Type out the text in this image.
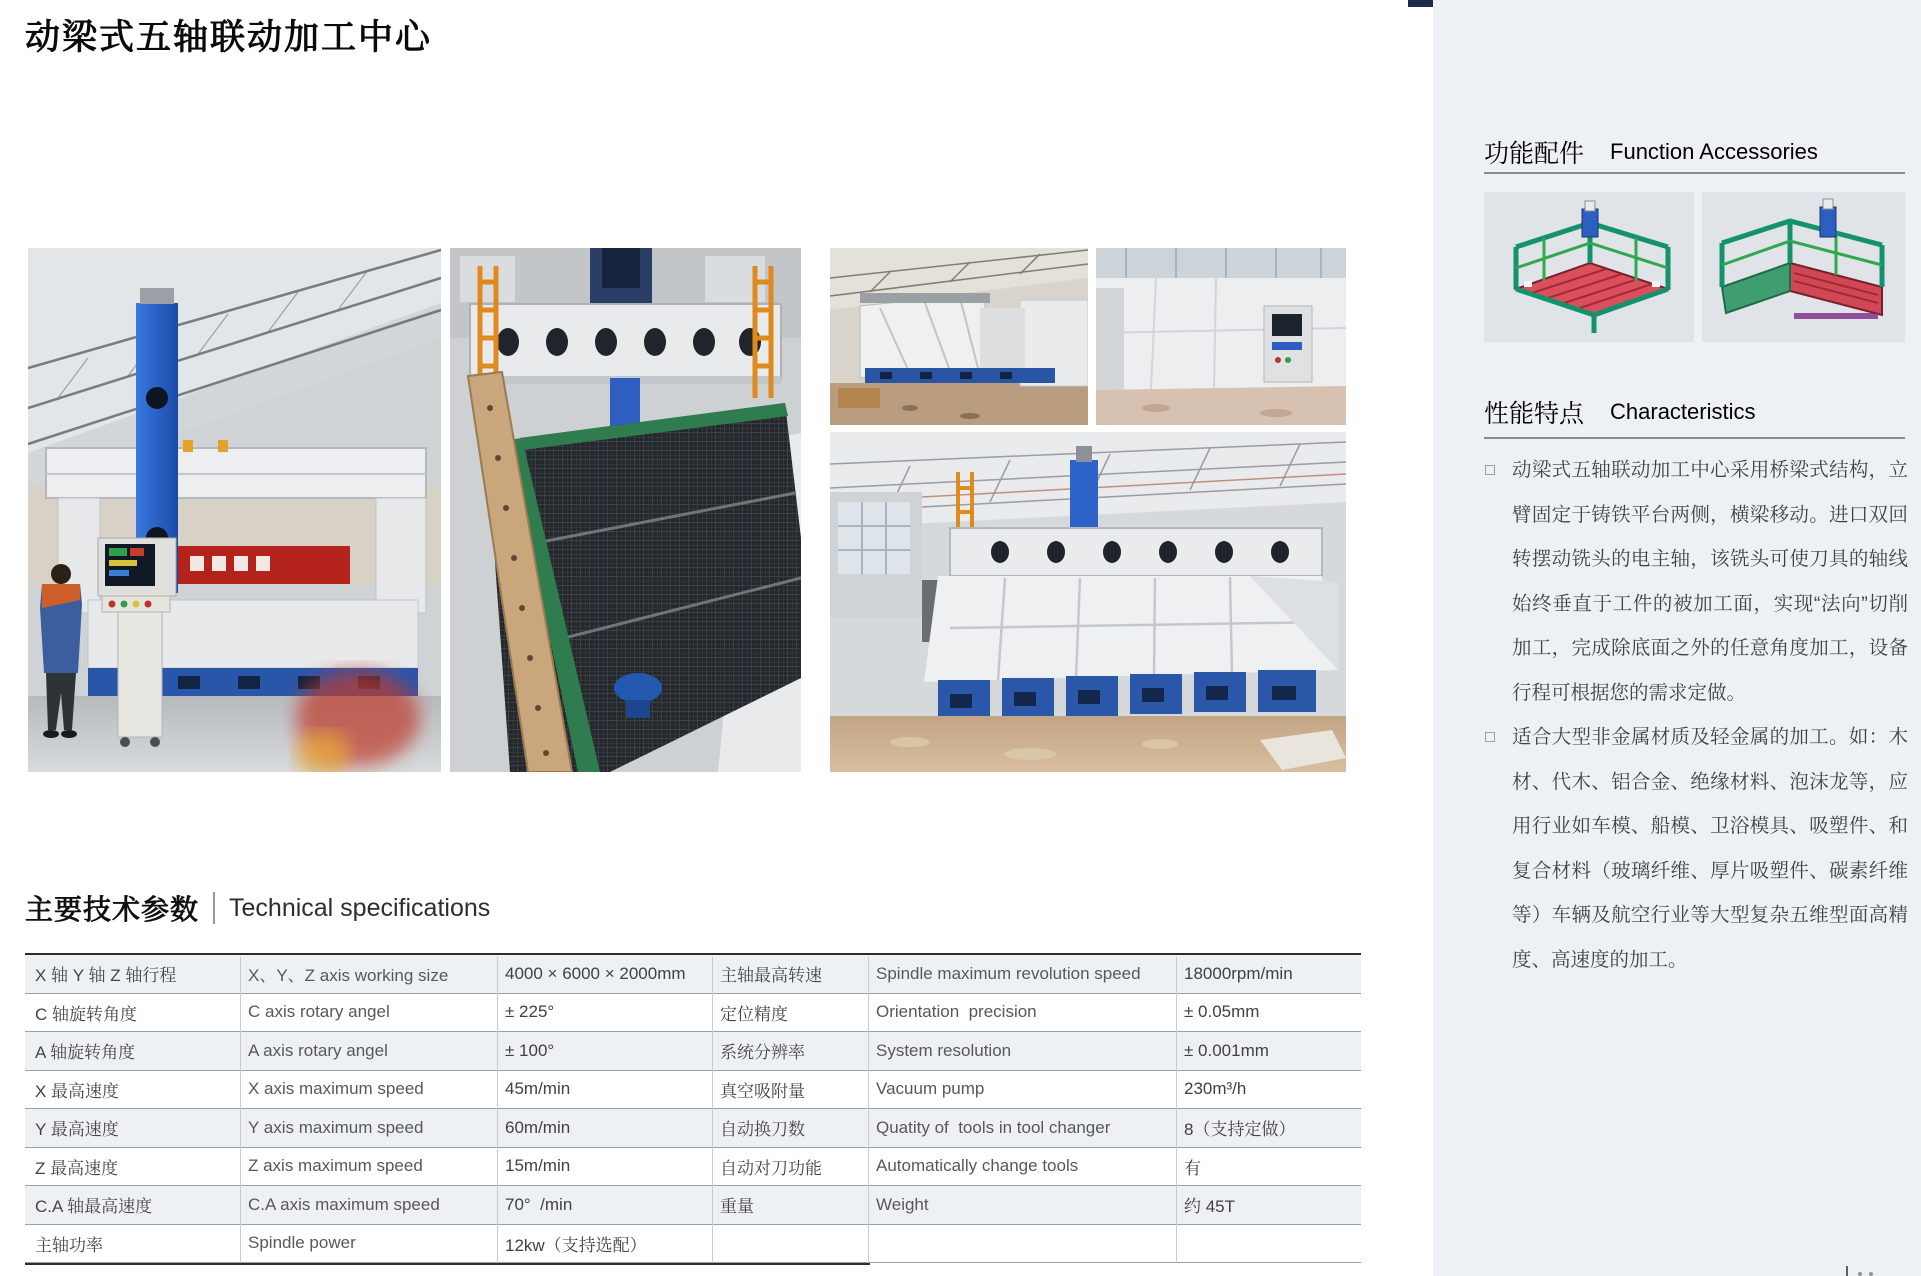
动梁式五轴联动加工中心
主要技术参数 Technical specifications
X 轴 Y 轴 Z 轴行程	X、Y、Z axis working size	4000 × 6000 × 2000mm	主轴最高转速	Spindle maximum revolution speed	18000rpm/min
C 轴旋转角度	C axis rotary angel	± 225°	定位精度	Orientation  precision	± 0.05mm
A 轴旋转角度	A axis rotary angel	± 100°	系统分辨率	System resolution	± 0.001mm
X 最高速度	X axis maximum speed	45m/min	真空吸附量	Vacuum pump	230m³/h
Y 最高速度	Y axis maximum speed	60m/min	自动换刀数	Quatity of  tools in tool changer	8（支持定做）
Z 最高速度	Z axis maximum speed	15m/min	自动对刀功能	Automatically change tools	有
C.A 轴最高速度	C.A axis maximum speed	70°  /min	重量	Weight	约 45T
主轴功率	Spindle power	12kw（支持选配）
功能配件 Function Accessories
性能特点 Characteristics

动梁式五轴联动加工中心采用桥梁式结构，立臂固定于铸铁平台两侧，横梁移动。进口双回转摆动铣头的电主轴，该铣头可使刀具的轴线始终垂直于工件的被加工面，实现“法向”切削加工，完成除底面之外的任意角度加工，设备行程可根据您的需求定做。

适合大型非金属材质及轻金属的加工。如：木材、代木、铝合金、绝缘材料、泡沫龙等，应用行业如车模、船模、卫浴模具、吸塑件、和复合材料（玻璃纤维、厚片吸塑件、碳素纤维等）车辆及航空行业等大型复杂五维型面高精度、高速度的加工。
